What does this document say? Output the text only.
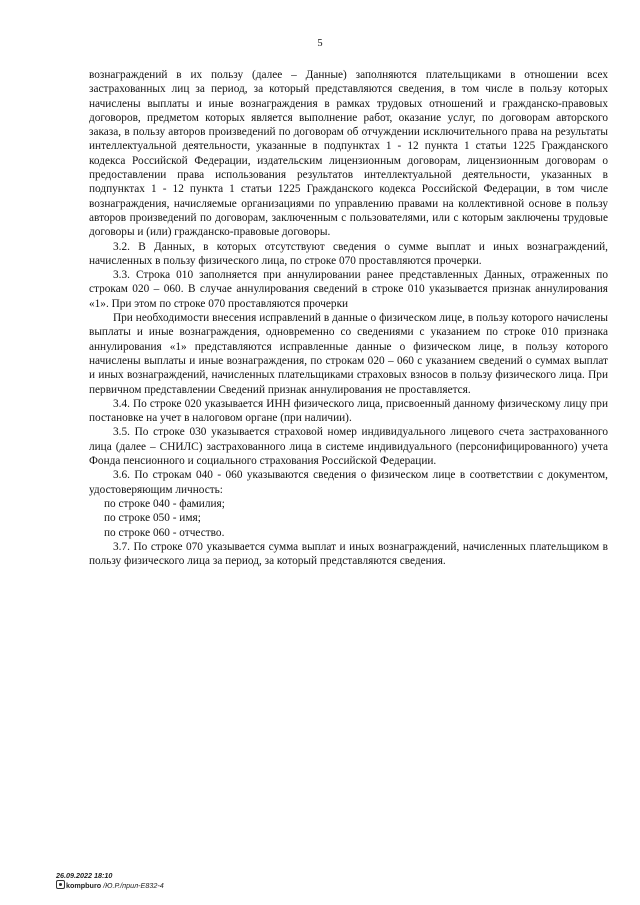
5

вознаграждений в их пользу (далее – Данные) заполняются плательщиками в отношении всех застрахованных лиц за период, за который представляются сведения, в том числе в пользу которых начислены выплаты и иные вознаграждения в рамках трудовых отношений и гражданско-правовых договоров, предметом которых является выполнение работ, оказание услуг, по договорам авторского заказа, в пользу авторов произведений по договорам об отчуждении исключительного права на результаты интеллектуальной деятельности, указанные в подпунктах 1 - 12 пункта 1 статьи 1225 Гражданского кодекса Российской Федерации, издательским лицензионным договорам, лицензионным договорам о предоставлении права использования результатов интеллектуальной деятельности, указанных в подпунктах 1 - 12 пункта 1 статьи 1225 Гражданского кодекса Российской Федерации, в том числе вознаграждения, начисляемые организациями по управлению правами на коллективной основе в пользу авторов произведений по договорам, заключенным с пользователями, или с которым заключены трудовые договоры и (или) гражданско-правовые договоры.

3.2. В Данных, в которых отсутствуют сведения о сумме выплат и иных вознаграждений, начисленных в пользу физического лица, по строке 070 проставляются прочерки.

3.3. Строка 010 заполняется при аннулировании ранее представленных Данных, отраженных по строкам 020 – 060. В случае аннулирования сведений в строке 010 указывается признак аннулирования «1». При этом по строке 070 проставляются прочерки

При необходимости внесения исправлений в данные о физическом лице, в пользу которого начислены выплаты и иные вознаграждения, одновременно со сведениями с указанием по строке 010 признака аннулирования «1» представляются исправленные данные о физическом лице, в пользу которого начислены выплаты и иные вознаграждения, по строкам 020 – 060 с указанием сведений о суммах выплат и иных вознаграждений, начисленных плательщиками страховых взносов в пользу физического лица. При первичном представлении Сведений признак аннулирования не проставляется.

3.4. По строке 020 указывается ИНН физического лица, присвоенный данному физическому лицу при постановке на учет в налоговом органе (при наличии).

3.5. По строке 030 указывается страховой номер индивидуального лицевого счета застрахованного лица (далее – СНИЛС) застрахованного лица в системе индивидуального (персонифицированного) учета Фонда пенсионного и социального страхования Российской Федерации.

3.6. По строкам 040 - 060 указываются сведения о физическом лице в соответствии с документом, удостоверяющим личность:

по строке 040 - фамилия;

по строке 050 - имя;

по строке 060 - отчество.

3.7. По строке 070 указывается сумма выплат и иных вознаграждений, начисленных плательщиком в пользу физического лица за период, за который представляются сведения.

26.09.2022 18:10
kompburo /Ю.Р./прил-Е832-4
